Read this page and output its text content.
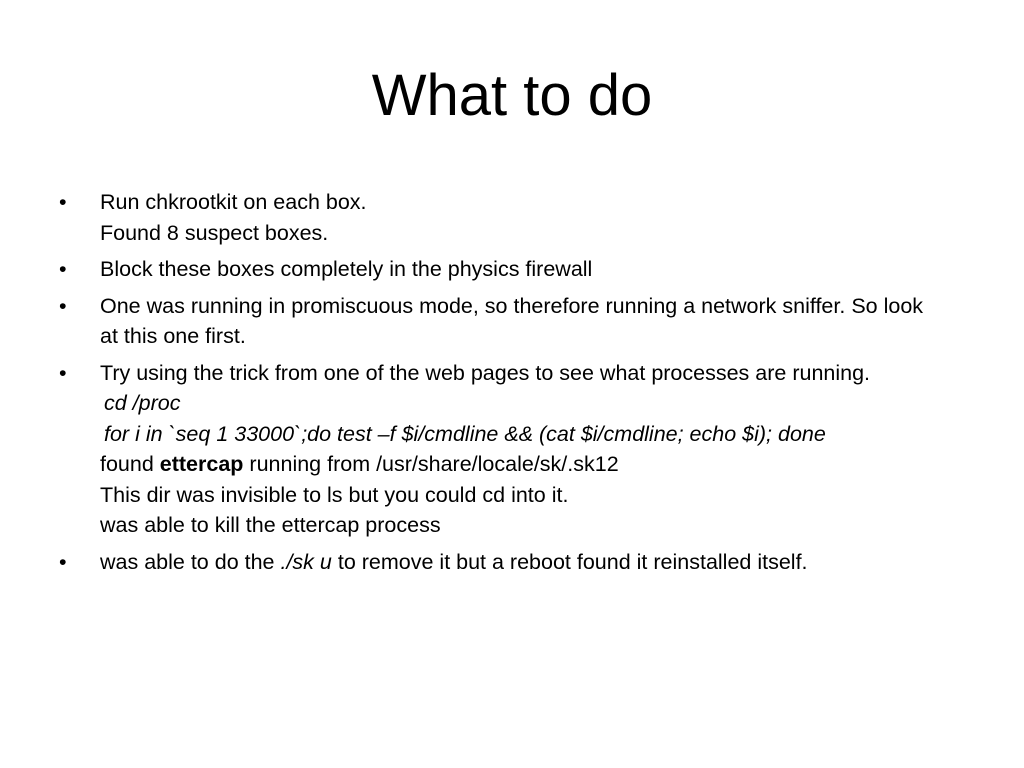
What to do
• Run chkrootkit on each box.
Found 8 suspect boxes.
• Block these boxes completely in the physics firewall
• One was running in promiscuous mode, so therefore running a network sniffer. So look at this one first.
• Try using the trick from one of the web pages to see what processes are running.
cd /proc
for i in `seq 1 33000`;do test –f $i/cmdline && (cat $i/cmdline; echo $i); done
found ettercap running from /usr/share/locale/sk/.sk12
This dir was invisible to ls but you could cd into it.
was able to kill the ettercap process
• was able to do the ./sk u to remove it but a reboot found it reinstalled itself.
